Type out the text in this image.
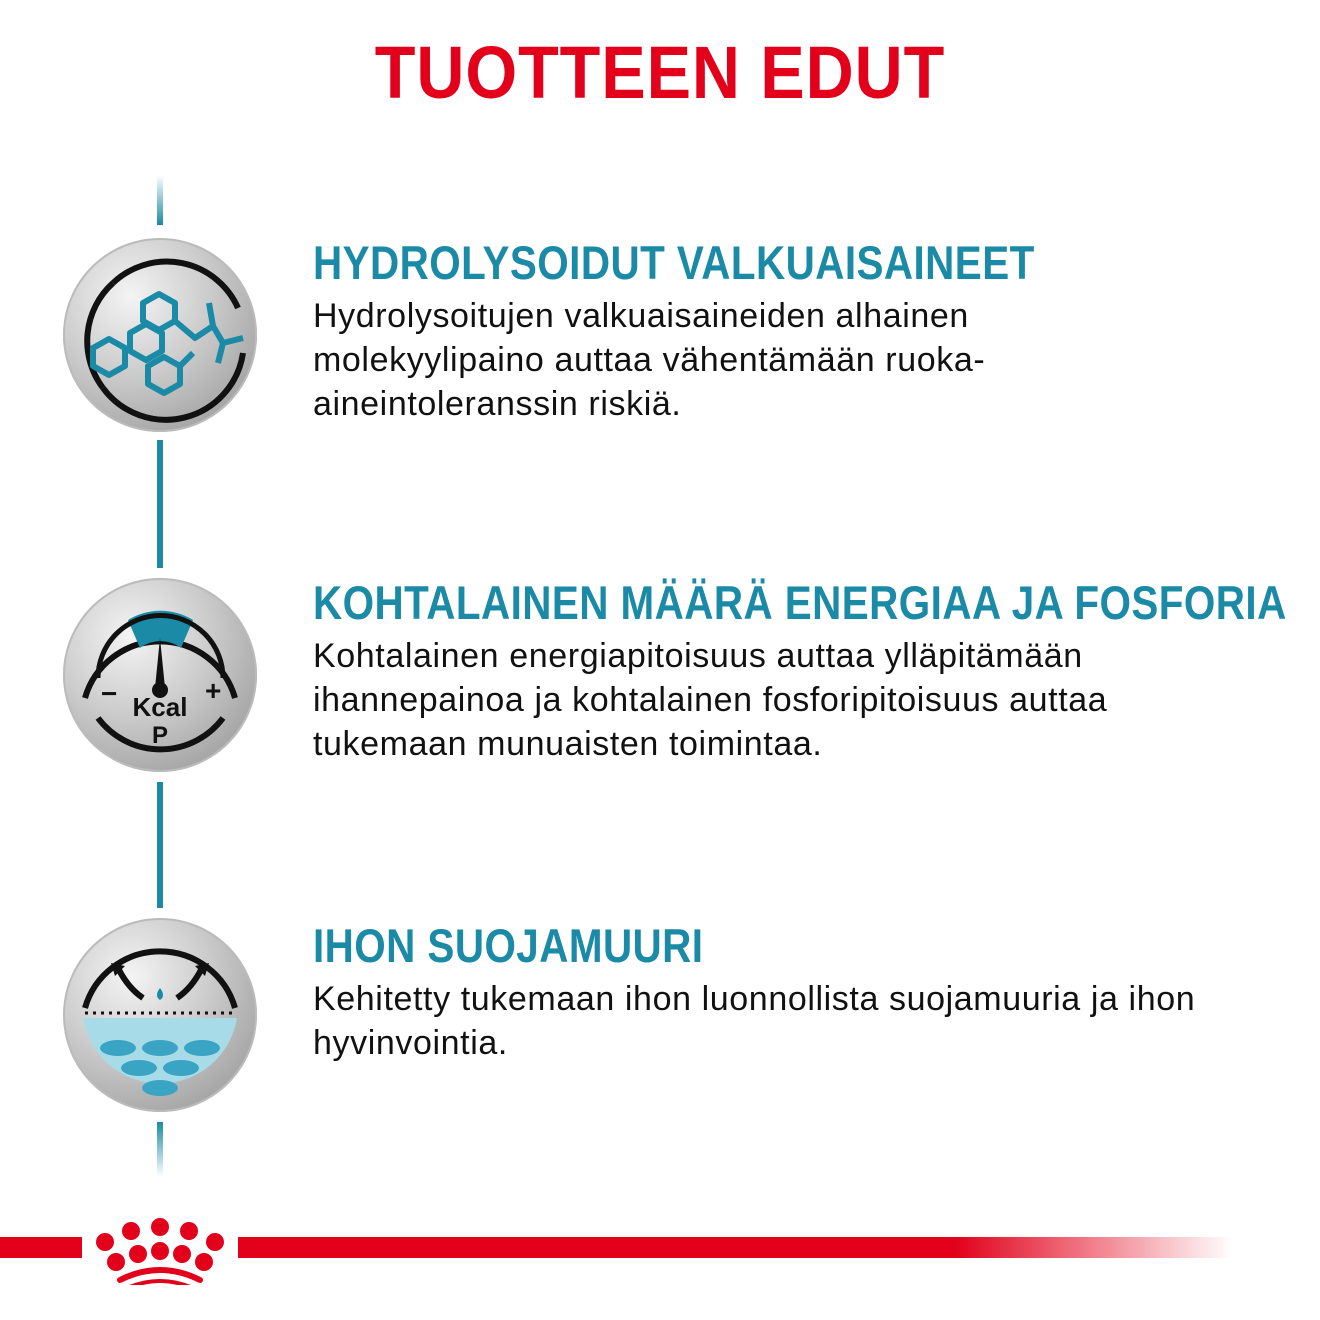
TUOTTEEN EDUT
Kcal
P
−	+
HYDROLYSOIDUT VALKUAISAINEET

Hydrolysoitujen valkuaisaineiden alhainen molekyylipaino auttaa vähentämään ruoka-aineintoleranssin riskiä.

KOHTALAINEN MÄÄRÄ ENERGIAA JA FOSFORIA

Kohtalainen energiapitoisuus auttaa ylläpitämään ihannepainoa ja kohtalainen fosforipitoisuus auttaa tukemaan munuaisten toimintaa.

IHON SUOJAMUURI

Kehitetty tukemaan ihon luonnollista suojamuuria ja ihon hyvinvointia.
